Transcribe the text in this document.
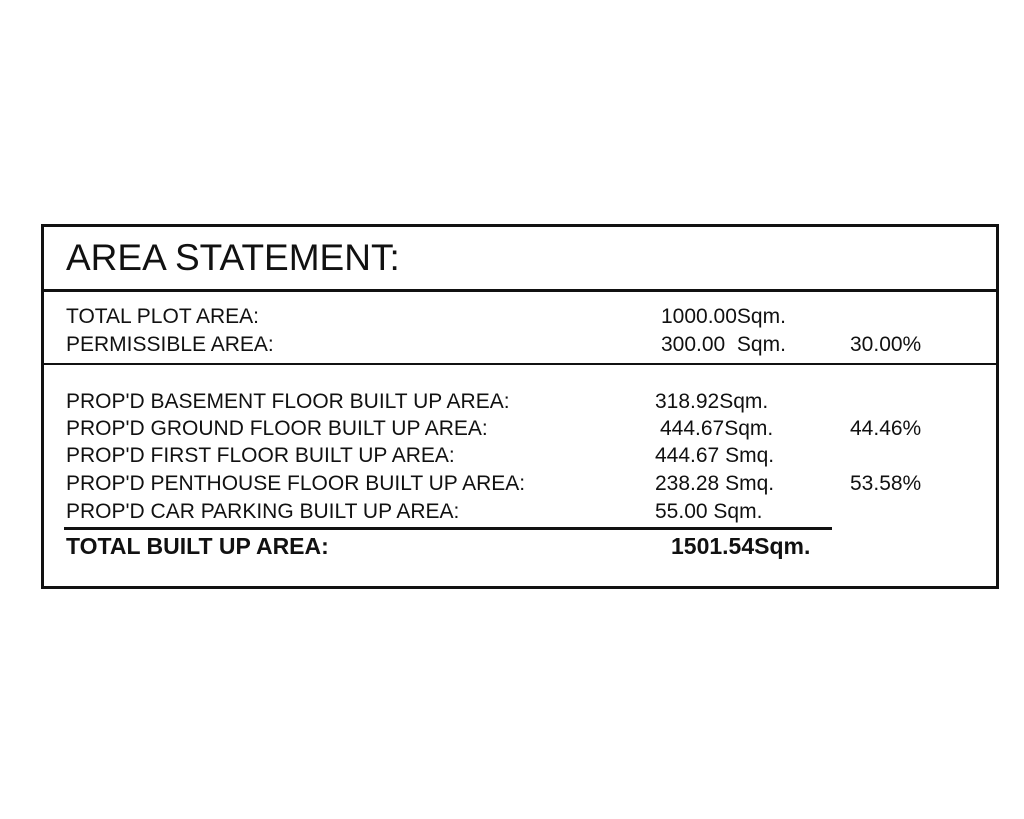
AREA STATEMENT:
TOTAL PLOT AREA:	1000.00Sqm.
PERMISSIBLE AREA:	300.00  Sqm.	30.00%
PROP'D BASEMENT FLOOR BUILT UP AREA:	318.92Sqm.
PROP'D GROUND FLOOR BUILT UP AREA:	444.67Sqm.	44.46%
PROP'D FIRST FLOOR BUILT UP AREA:	444.67 Smq.
PROP'D PENTHOUSE FLOOR BUILT UP AREA:	238.28 Smq.	53.58%
PROP'D CAR PARKING BUILT UP AREA:	55.00 Sqm.
TOTAL BUILT UP AREA:	1501.54Sqm.
